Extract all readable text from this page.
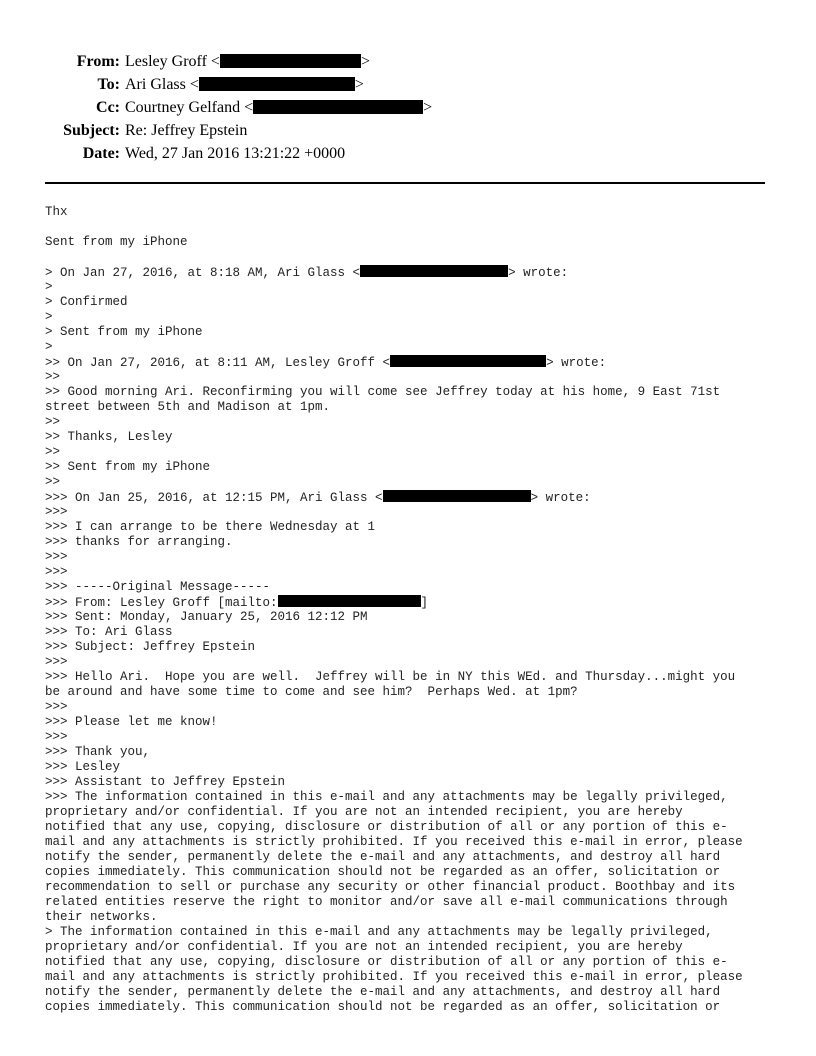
From: Lesley Groff <	>
To: Ari Glass <	>
Cc: Courtney Gelfand <	>
Subject: Re: Jeffrey Epstein
Date: Wed, 27 Jan 2016 13:21:22 +0000
Thx
Sent from my iPhone
> On Jan 27, 2016, at 8:18 AM, Ari Glass <	> wrote:
>
> Confirmed
>
> Sent from my iPhone
>
>> On Jan 27, 2016, at 8:11 AM, Lesley Groff <	> wrote:
>>
>> Good morning Ari. Reconfirming you will come see Jeffrey today at his home, 9 East 71st
street between 5th and Madison at 1pm.
>>
>> Thanks, Lesley
>>
>> Sent from my iPhone
>>
>>> On Jan 25, 2016, at 12:15 PM, Ari Glass <	> wrote:
>>>
>>> I can arrange to be there Wednesday at 1
>>> thanks for arranging.
>>>
>>>
>>> -----Original Message-----
>>> From: Lesley Groff [mailto:	]
>>> Sent: Monday, January 25, 2016 12:12 PM
>>> To: Ari Glass
>>> Subject: Jeffrey Epstein
>>>
>>> Hello Ari.  Hope you are well.  Jeffrey will be in NY this WEd. and Thursday...might you
be around and have some time to come and see him?  Perhaps Wed. at 1pm?
>>>
>>> Please let me know!
>>>
>>> Thank you,
>>> Lesley
>>> Assistant to Jeffrey Epstein
>>> The information contained in this e-mail and any attachments may be legally privileged,
proprietary and/or confidential. If you are not an intended recipient, you are hereby
notified that any use, copying, disclosure or distribution of all or any portion of this e-
mail and any attachments is strictly prohibited. If you received this e-mail in error, please
notify the sender, permanently delete the e-mail and any attachments, and destroy all hard
copies immediately. This communication should not be regarded as an offer, solicitation or
recommendation to sell or purchase any security or other financial product. Boothbay and its
related entities reserve the right to monitor and/or save all e-mail communications through
their networks.
> The information contained in this e-mail and any attachments may be legally privileged,
proprietary and/or confidential. If you are not an intended recipient, you are hereby
notified that any use, copying, disclosure or distribution of all or any portion of this e-
mail and any attachments is strictly prohibited. If you received this e-mail in error, please
notify the sender, permanently delete the e-mail and any attachments, and destroy all hard
copies immediately. This communication should not be regarded as an offer, solicitation or
